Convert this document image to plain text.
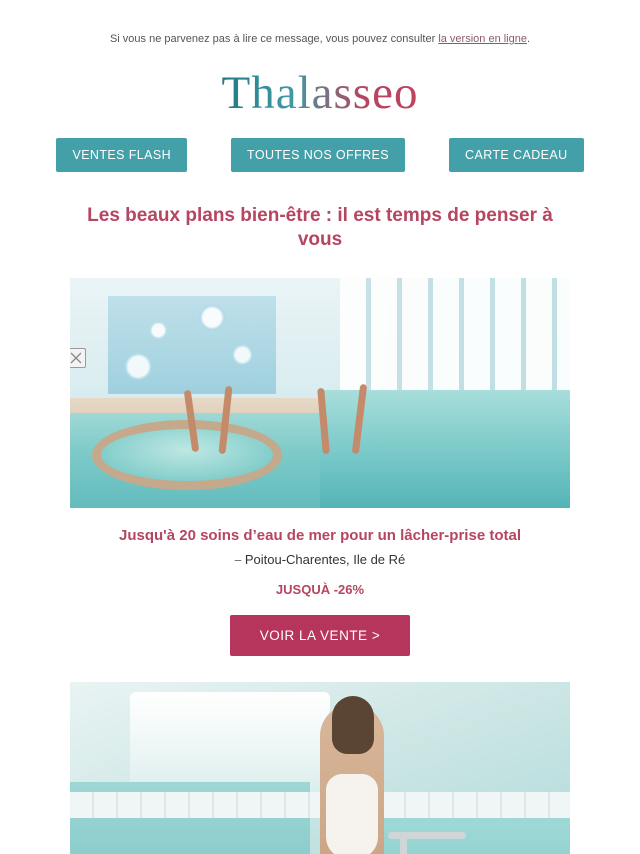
Si vous ne parvenez pas à lire ce message, vous pouvez consulter la version en ligne.
Thalasseo
VENTES FLASH	TOUTES NOS OFFRES	CARTE CADEAU
Les beaux plans bien-être : il est temps de penser à vous
Jusqu'à 20 soins d’eau de mer pour un lâcher-prise total
⎯ Poitou-Charentes, Ile de Ré
JUSQUÀ -26%
VOIR LA VENTE >
